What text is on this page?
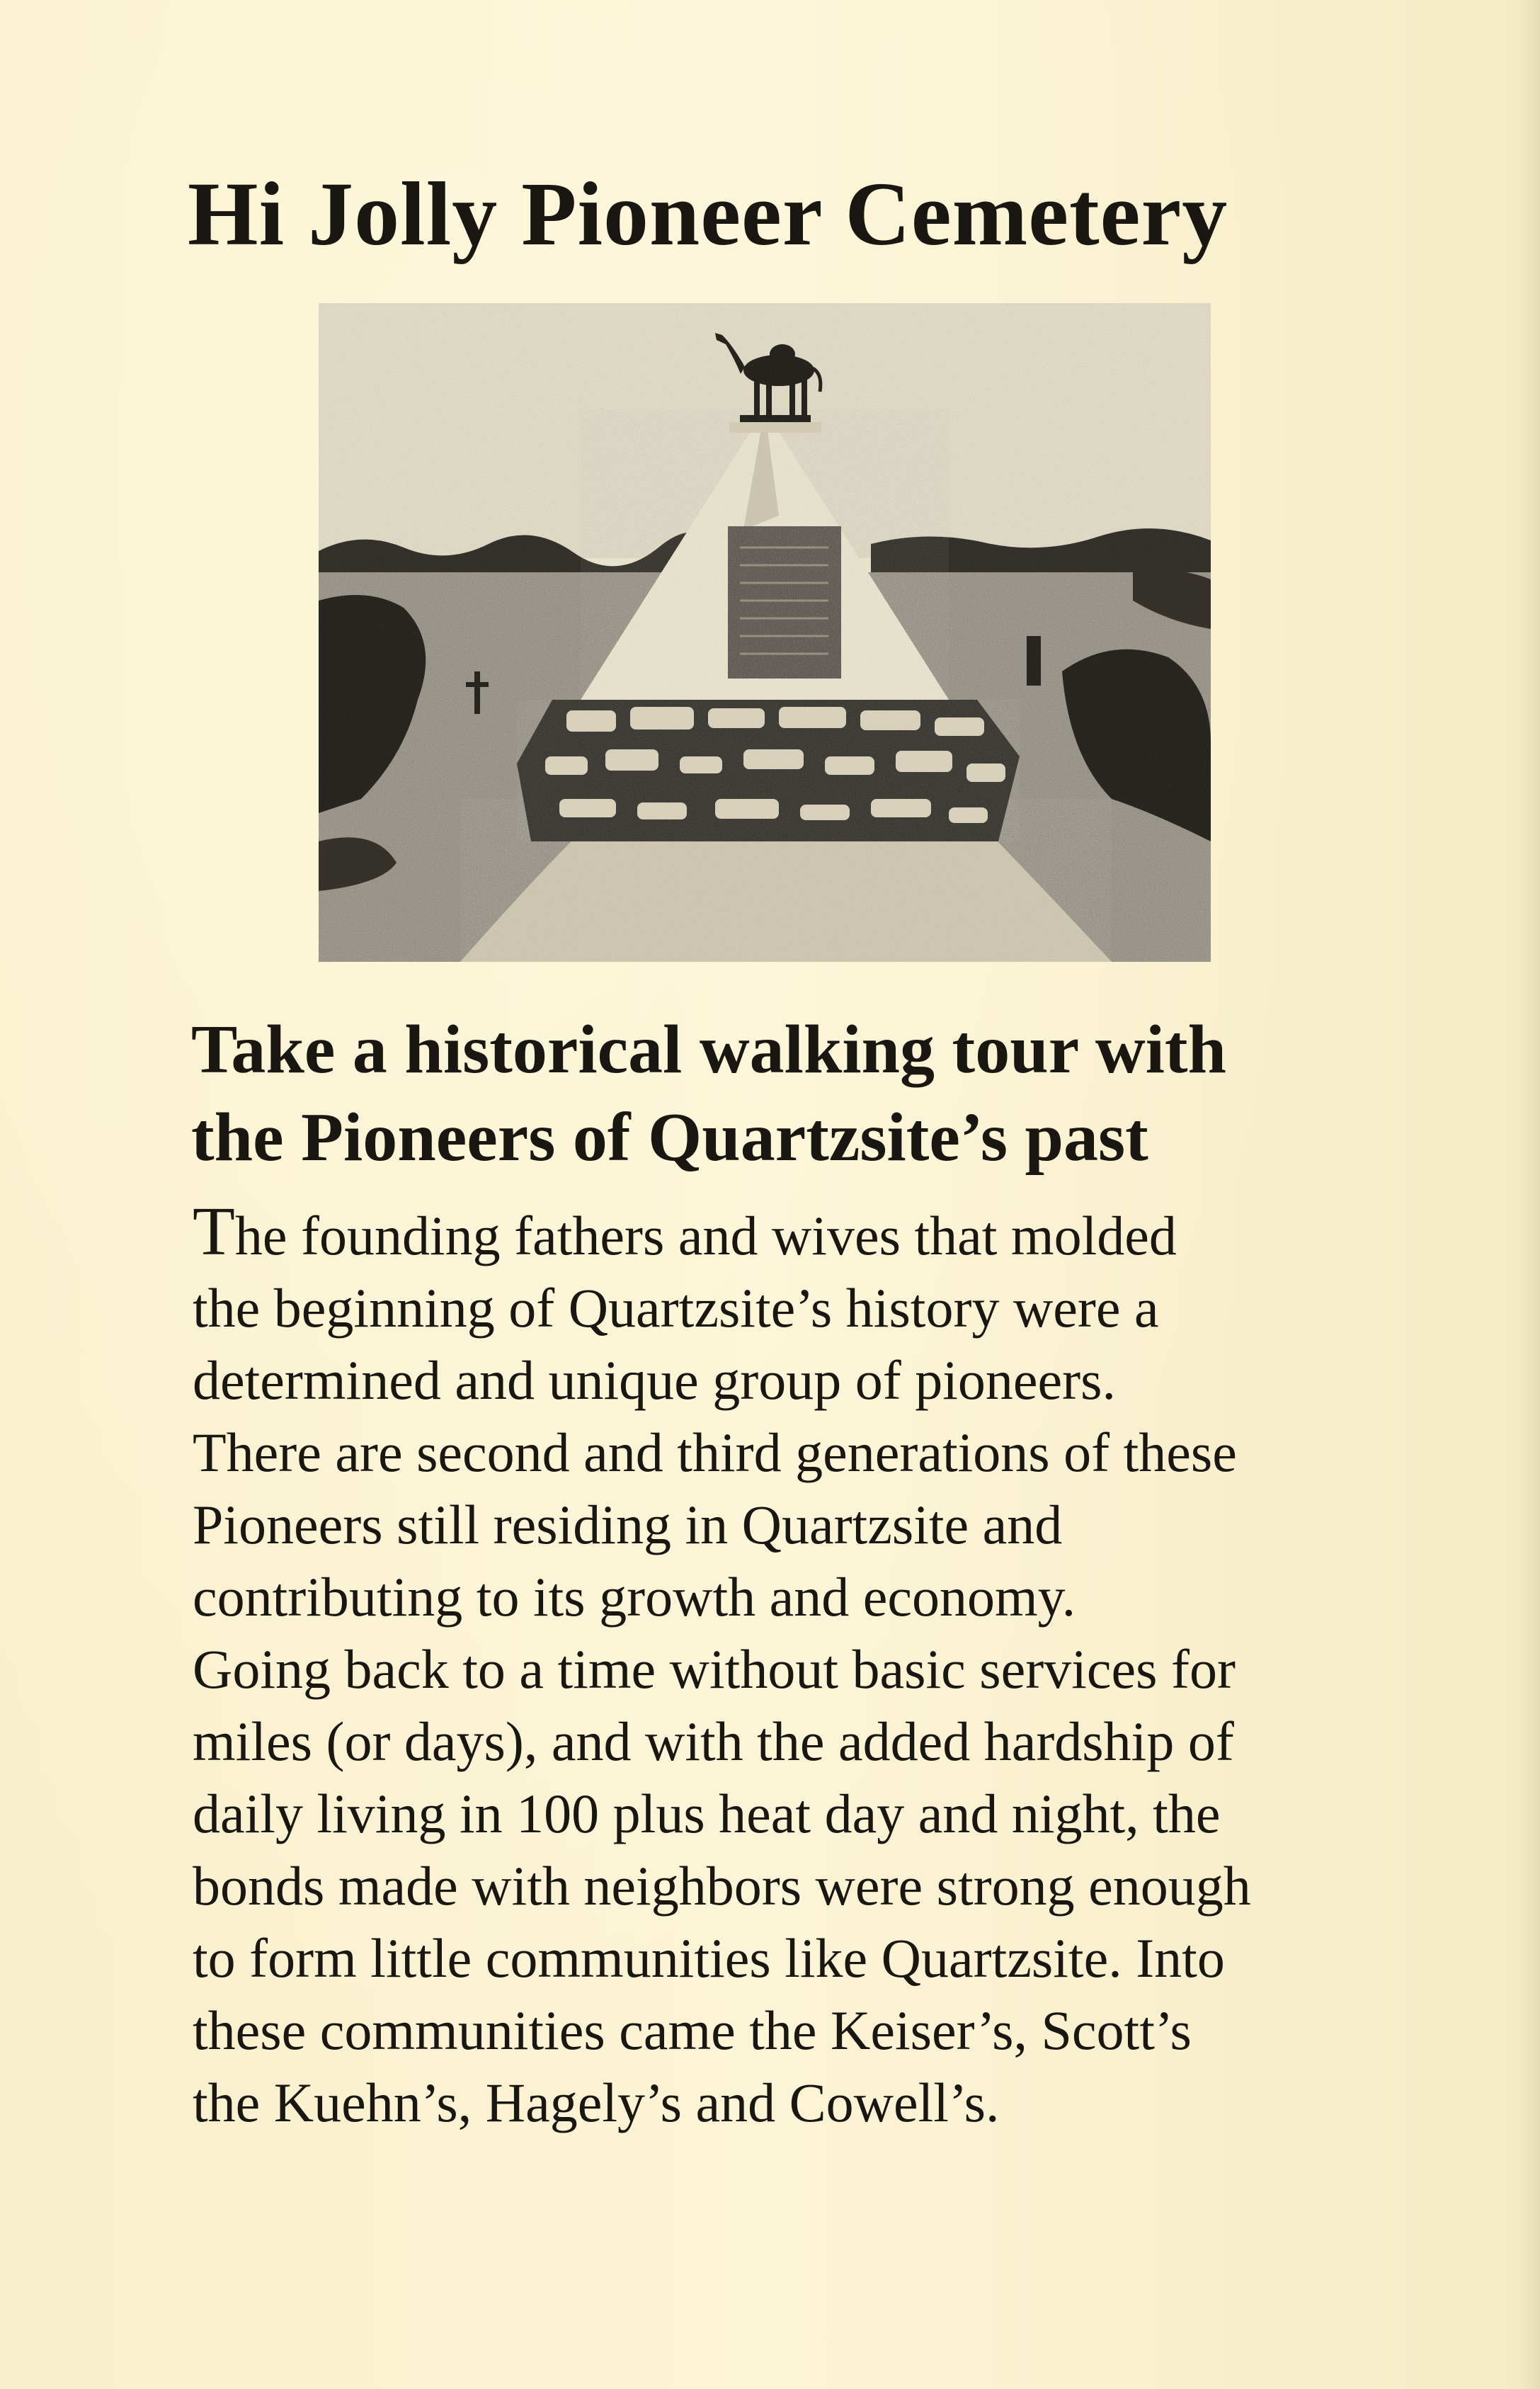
Hi Jolly Pioneer Cemetery
Take a historical walking tour with
the Pioneers of Quartzsite’s past
The founding fathers and wives that molded
the beginning of Quartzsite’s history were a
determined and unique group of pioneers.
There are second and third generations of these
Pioneers still residing in Quartzsite and
contributing to its growth and economy.
Going back to a time without basic services for
miles (or days), and with the added hardship of
daily living in 100 plus heat day and night, the
bonds made with neighbors were strong enough
to form little communities like Quartzsite. Into
these communities came the Keiser’s, Scott’s
the Kuehn’s, Hagely’s and Cowell’s.
